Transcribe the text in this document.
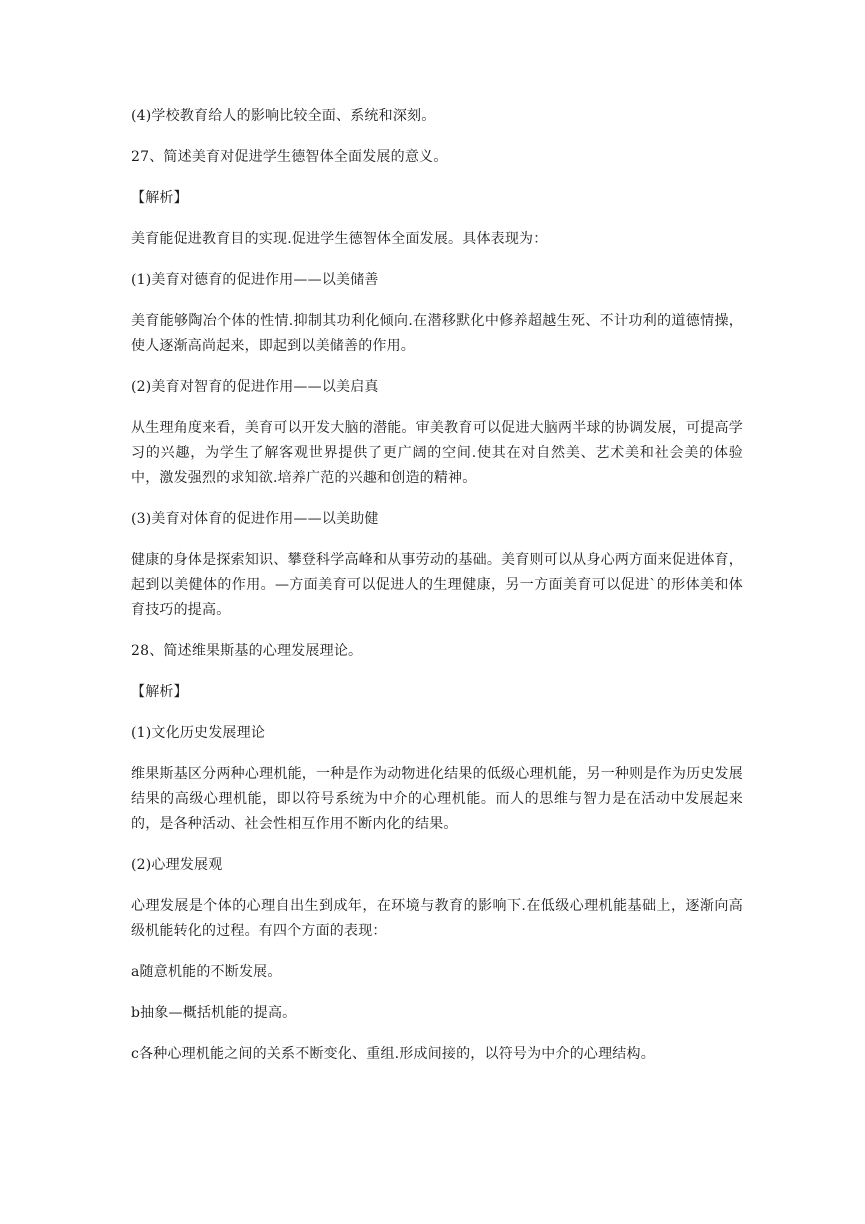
(4)学校教育给人的影响比较全面、系统和深刻。

27、简述美育对促进学生德智体全面发展的意义。

【解析】

美育能促进教育目的实现.促进学生德智体全面发展。具体表现为：

(1)美育对德育的促进作用——以美储善

美育能够陶冶个体的性情.抑制其功利化倾向.在潜移默化中修养超越生死、不计功利的道德情操，使人逐渐高尚起来，即起到以美储善的作用。

(2)美育对智育的促进作用——以美启真

从生理角度来看，美育可以开发大脑的潜能。审美教育可以促进大脑两半球的协调发展，可提高学习的兴趣，为学生了解客观世界提供了更广阔的空间.使其在对自然美、艺术美和社会美的体验中，激发强烈的求知欲.培养广范的兴趣和创造的精神。

(3)美育对体育的促进作用——以美助健

健康的身体是探索知识、攀登科学高峰和从事劳动的基础。美育则可以从身心两方面来促进体育，起到以美健体的作用。—方面美育可以促进人的生理健康，另一方面美育可以促进`的形体美和体育技巧的提高。

28、简述维果斯基的心理发展理论。

【解析】

(1)文化历史发展理论

维果斯基区分两种心理机能，一种是作为动物进化结果的低级心理机能，另一种则是作为历史发展结果的高级心理机能，即以符号系统为中介的心理机能。而人的思维与智力是在活动中发展起来的，是各种活动、社会性相互作用不断内化的结果。

(2)心理发展观

心理发展是个体的心理自出生到成年，在环境与教育的影响下.在低级心理机能基础上，逐渐向高级机能转化的过程。有四个方面的表现：

a随意机能的不断发展。

b抽象—概括机能的提高。

c各种心理机能之间的关系不断变化、重组.形成间接的，以符号为中介的心理结构。
